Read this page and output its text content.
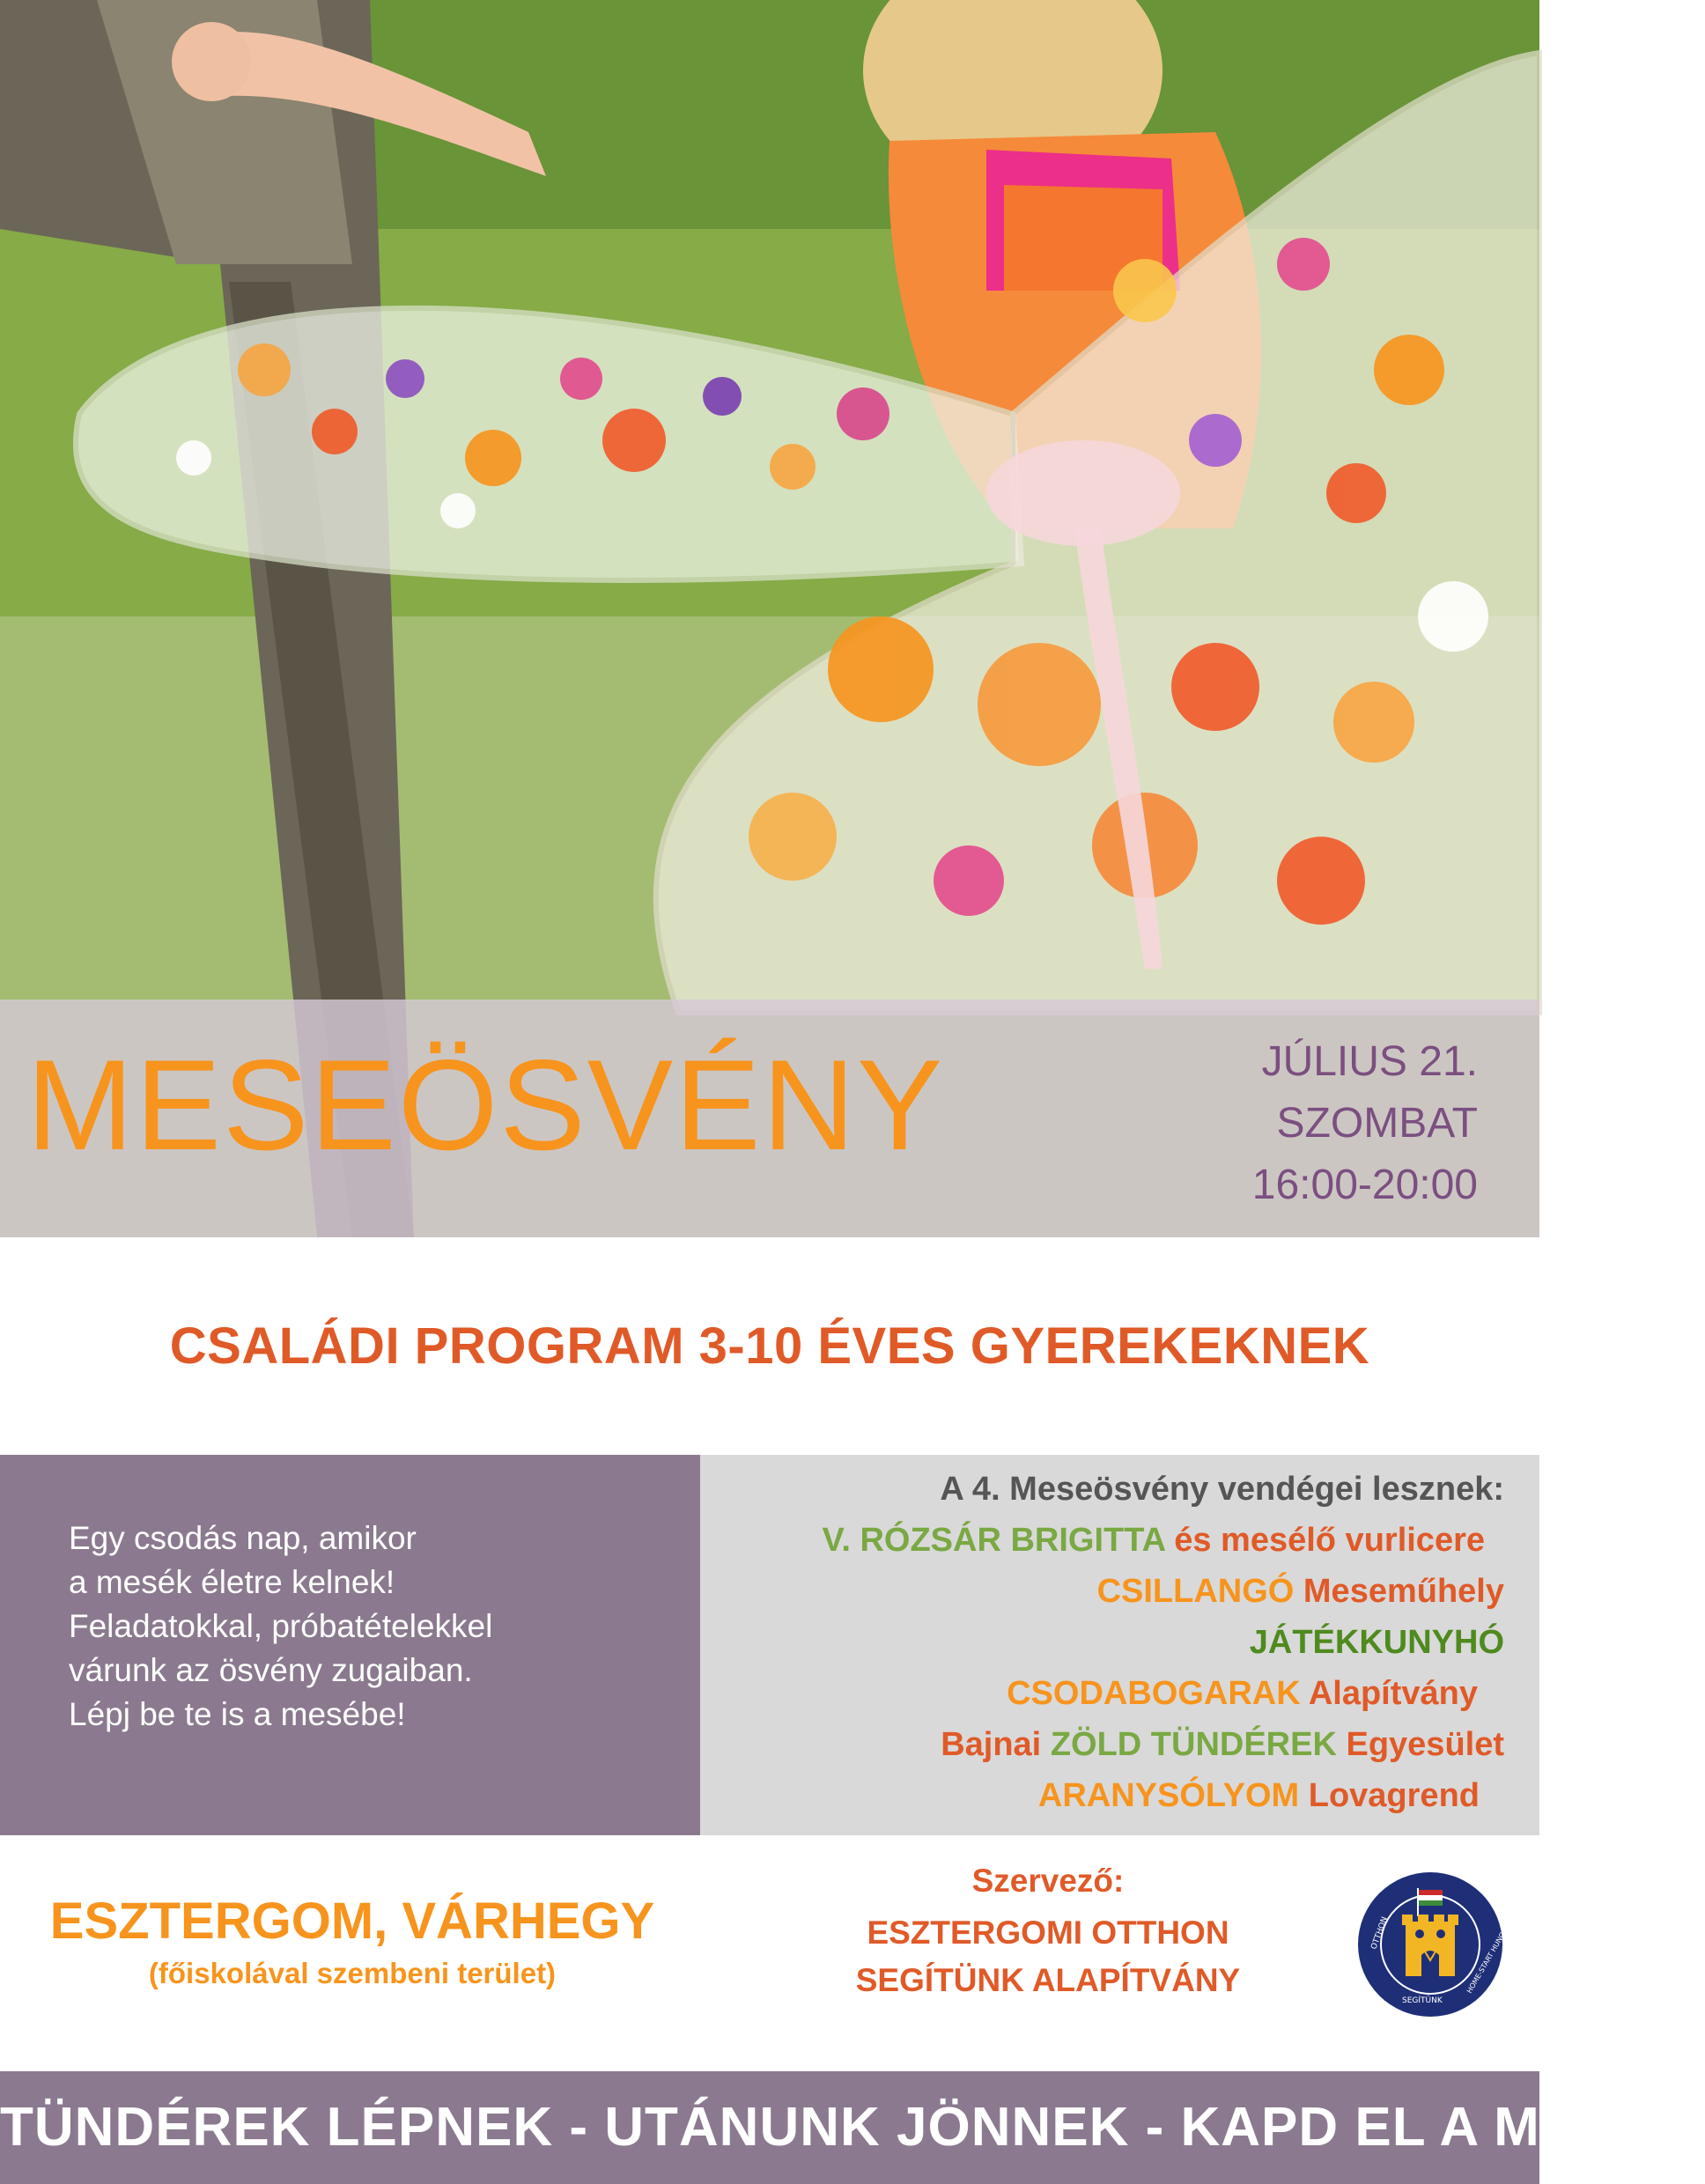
MESEÖSVÉNY	JÚLIUS 21.
SZOMBAT
16:00-20:00
CSALÁDI PROGRAM 3-10 ÉVES GYEREKEKNEK
Egy csodás nap, amikor
a mesék életre kelnek!
Feladatokkal, próbatételekkel
várunk az ösvény zugaiban.
Lépj be te is a mesébe!
A 4. Meseösvény vendégei lesznek:
V. RÓZSÁR BRIGITTA és mesélő vurlicere
CSILLANGÓ Meseműhely
JÁTÉKKUNYHÓ
CSODABOGARAK Alapítvány
Bajnai ZÖLD TÜNDÉREK Egyesület
ARANYSÓLYOM Lovagrend
ESZTERGOM, VÁRHEGY
(főiskolával szembeni terület)
Szervező:
ESZTERGOMI OTTHON
SEGÍTÜNK ALAPÍTVÁNY
OTTHON
SEGÍTÜNK
HOME-START HUNGARY
TÜNDÉREK LÉPNEK - UTÁNUNK JÖNNEK - KAPD EL A MESÉT!
